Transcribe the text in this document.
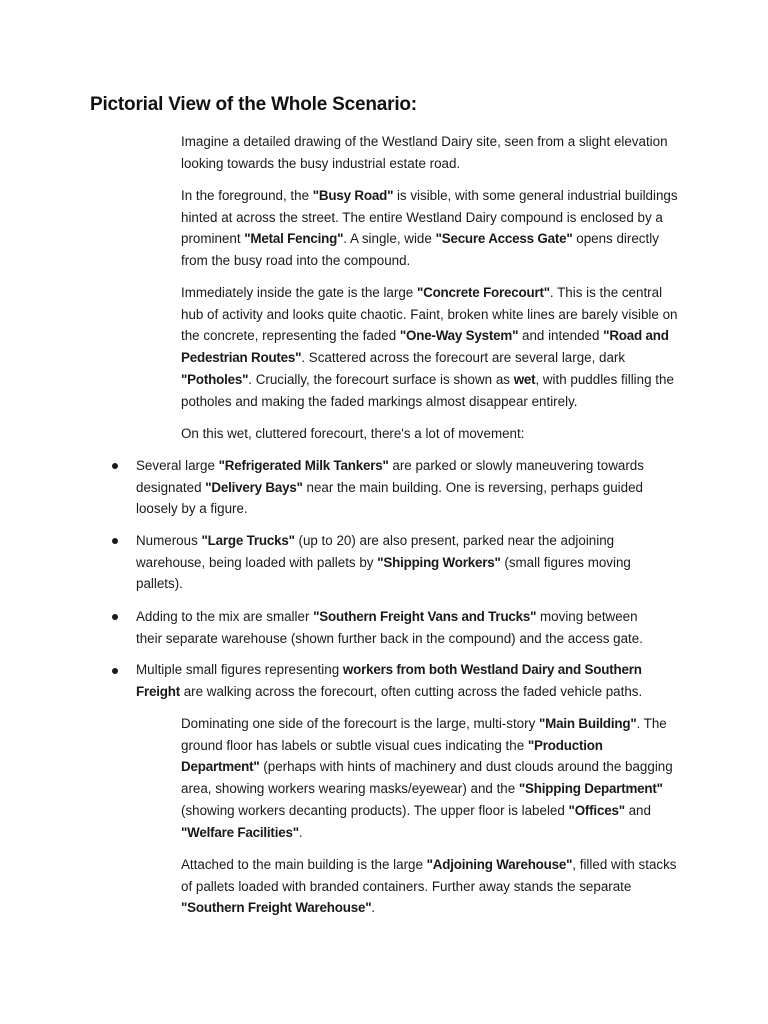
Pictorial View of the Whole Scenario:

Imagine a detailed drawing of the Westland Dairy site, seen from a slight elevation looking towards the busy industrial estate road.

In the foreground, the "Busy Road" is visible, with some general industrial buildings hinted at across the street. The entire Westland Dairy compound is enclosed by a prominent "Metal Fencing". A single, wide "Secure Access Gate" opens directly from the busy road into the compound.

Immediately inside the gate is the large "Concrete Forecourt". This is the central hub of activity and looks quite chaotic. Faint, broken white lines are barely visible on the concrete, representing the faded "One-Way System" and intended "Road and Pedestrian Routes". Scattered across the forecourt are several large, dark "Potholes". Crucially, the forecourt surface is shown as wet, with puddles filling the potholes and making the faded markings almost disappear entirely.

On this wet, cluttered forecourt, there's a lot of movement:

Several large "Refrigerated Milk Tankers" are parked or slowly maneuvering towards designated "Delivery Bays" near the main building. One is reversing, perhaps guided loosely by a figure.

Numerous "Large Trucks" (up to 20) are also present, parked near the adjoining warehouse, being loaded with pallets by "Shipping Workers" (small figures moving pallets).

Adding to the mix are smaller "Southern Freight Vans and Trucks" moving between their separate warehouse (shown further back in the compound) and the access gate.

Multiple small figures representing workers from both Westland Dairy and Southern Freight are walking across the forecourt, often cutting across the faded vehicle paths.

Dominating one side of the forecourt is the large, multi-story "Main Building". The ground floor has labels or subtle visual cues indicating the "Production Department" (perhaps with hints of machinery and dust clouds around the bagging area, showing workers wearing masks/eyewear) and the "Shipping Department" (showing workers decanting products). The upper floor is labeled "Offices" and "Welfare Facilities".

Attached to the main building is the large "Adjoining Warehouse", filled with stacks of pallets loaded with branded containers. Further away stands the separate "Southern Freight Warehouse".
